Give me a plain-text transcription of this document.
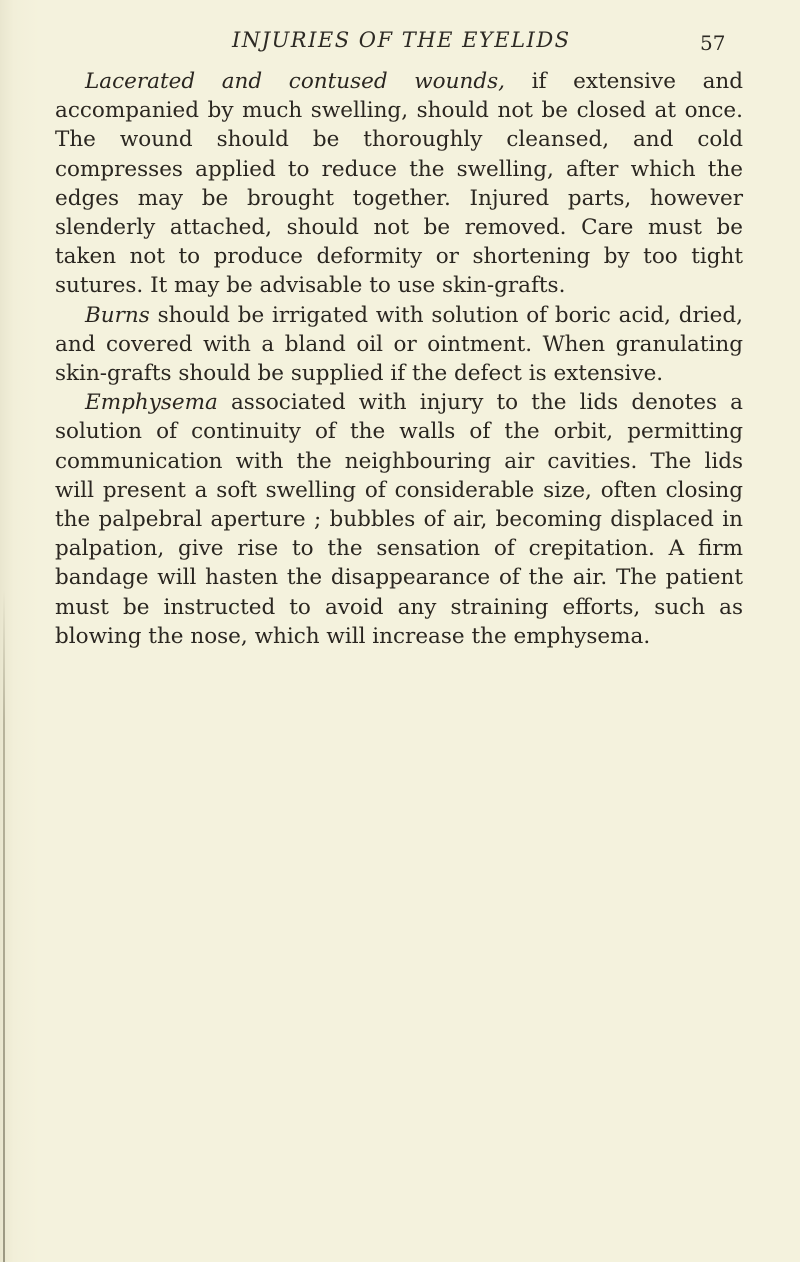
INJURIES OF THE EYELIDS	57

Lacerated and contused wounds, if extensive and accompanied by much swelling, should not be closed at once. The wound should be thoroughly cleansed, and cold compresses applied to reduce the swelling, after which the edges may be brought together. Injured parts, however slenderly attached, should not be removed. Care must be taken not to produce deformity or shortening by too tight sutures. It may be advisable to use skin-grafts.

Burns should be irrigated with solution of boric acid, dried, and covered with a bland oil or ointment. When granulating skin-grafts should be supplied if the defect is extensive.

Emphysema associated with injury to the lids denotes a solution of continuity of the walls of the orbit, permitting communication with the neighbouring air cavities. The lids will present a soft swelling of considerable size, often closing the palpebral aperture ; bubbles of air, becoming displaced in palpation, give rise to the sensation of crepitation. A firm bandage will hasten the disappearance of the air. The patient must be instructed to avoid any straining efforts, such as blowing the nose, which will increase the emphysema.
